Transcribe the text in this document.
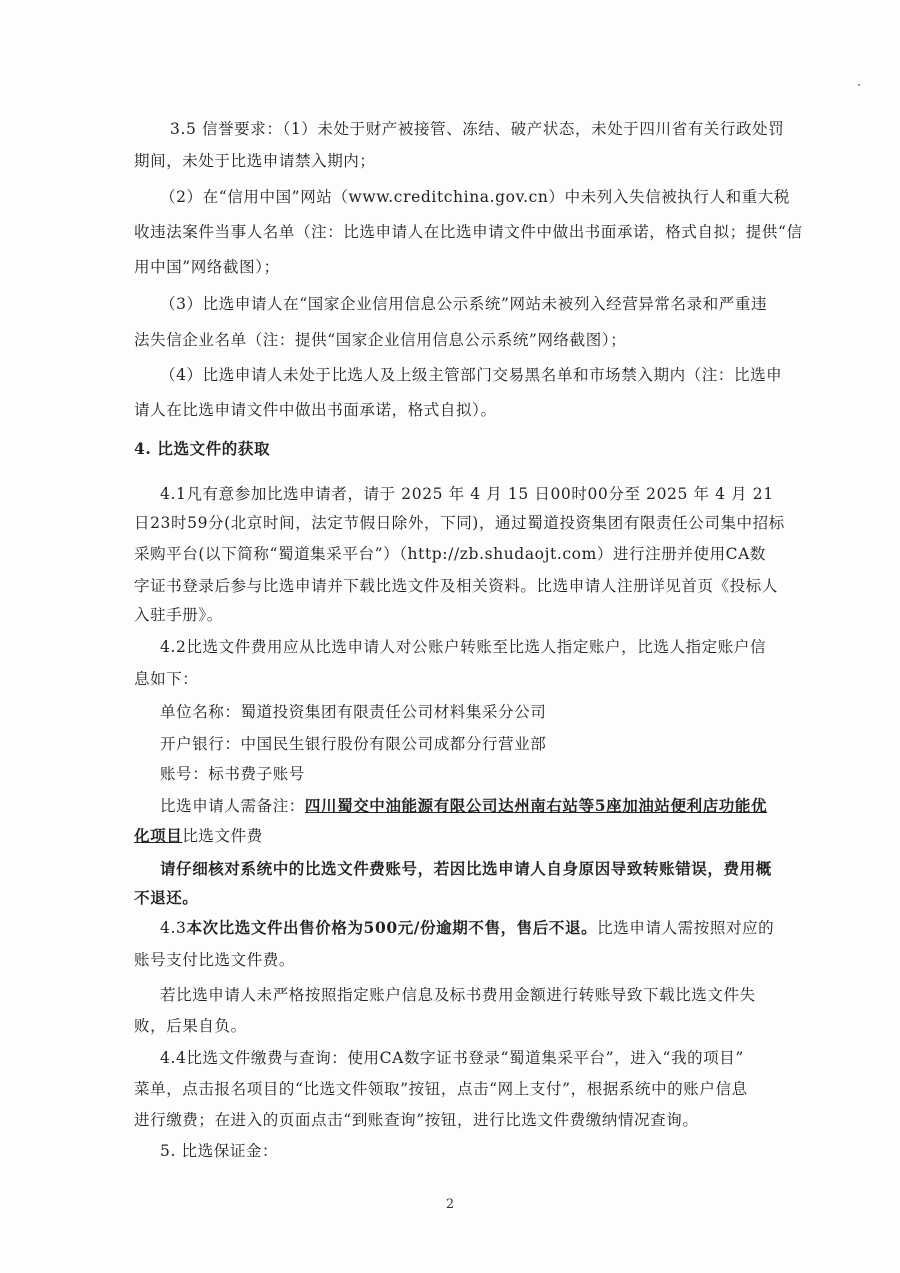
3.5 信誉要求：（1）未处于财产被接管、冻结、破产状态，未处于四川省有关行政处罚
期间，未处于比选申请禁入期内；
（2）在“信用中国”网站（www.creditchina.gov.cn）中未列入失信被执行人和重大税
收违法案件当事人名单（注：比选申请人在比选申请文件中做出书面承诺，格式自拟；提供“信
用中国”网络截图）；
（3）比选申请人在“国家企业信用信息公示系统”网站未被列入经营异常名录和严重违
法失信企业名单（注：提供“国家企业信用信息公示系统”网络截图）；
（4）比选申请人未处于比选人及上级主管部门交易黑名单和市场禁入期内（注：比选申
请人在比选申请文件中做出书面承诺，格式自拟）。
4. 比选文件的获取
4.1凡有意参加比选申请者，请于 2025 年 4 月 15 日00时00分至 2025 年 4 月 21
日23时59分(北京时间，法定节假日除外，下同)，通过蜀道投资集团有限责任公司集中招标
采购平台(以下简称“蜀道集采平台”）（http://zb.shudaojt.com）进行注册并使用CA数
字证书登录后参与比选申请并下载比选文件及相关资料。比选申请人注册详见首页《投标人
入驻手册》。
4.2比选文件费用应从比选申请人对公账户转账至比选人指定账户，比选人指定账户信
息如下：
单位名称：蜀道投资集团有限责任公司材料集采分公司
开户银行：中国民生银行股份有限公司成都分行营业部
账号：标书费子账号
比选申请人需备注：四川蜀交中油能源有限公司达州南右站等5座加油站便利店功能优
化项目比选文件费
请仔细核对系统中的比选文件费账号，若因比选申请人自身原因导致转账错误，费用概
不退还。
4.3本次比选文件出售价格为500元/份逾期不售，售后不退。比选申请人需按照对应的
账号支付比选文件费。
若比选申请人未严格按照指定账户信息及标书费用金额进行转账导致下载比选文件失
败，后果自负。
4.4比选文件缴费与查询：使用CA数字证书登录“蜀道集采平台”，进入“我的项目”
菜单，点击报名项目的“比选文件领取”按钮，点击“网上支付”，根据系统中的账户信息
进行缴费；在进入的页面点击“到账查询”按钮，进行比选文件费缴纳情况查询。
5. 比选保证金：
2
